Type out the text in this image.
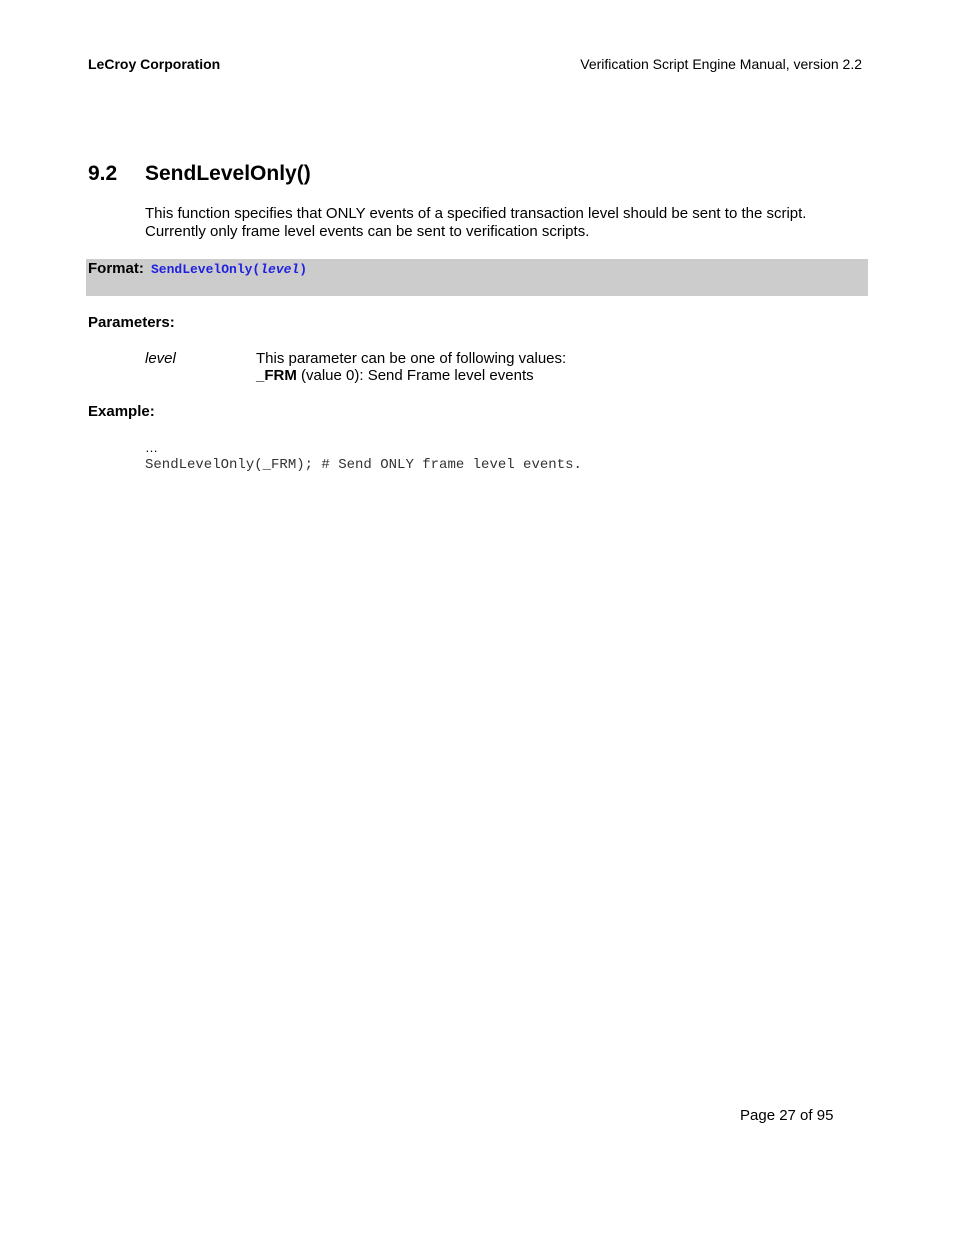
LeCroy Corporation	Verification Script Engine Manual, version 2.2
9.2 SendLevelOnly()

This function specifies that ONLY events of a specified transaction level should be sent to the script.

Currently only frame level events can be sent to verification scripts.

Format: SendLevelOnly(level)
Parameters:
level	This parameter can be one of following values:
_FRM (value 0): Send Frame level events
Example:
…
SendLevelOnly(_FRM); # Send ONLY frame level events.
Page 27 of 95
